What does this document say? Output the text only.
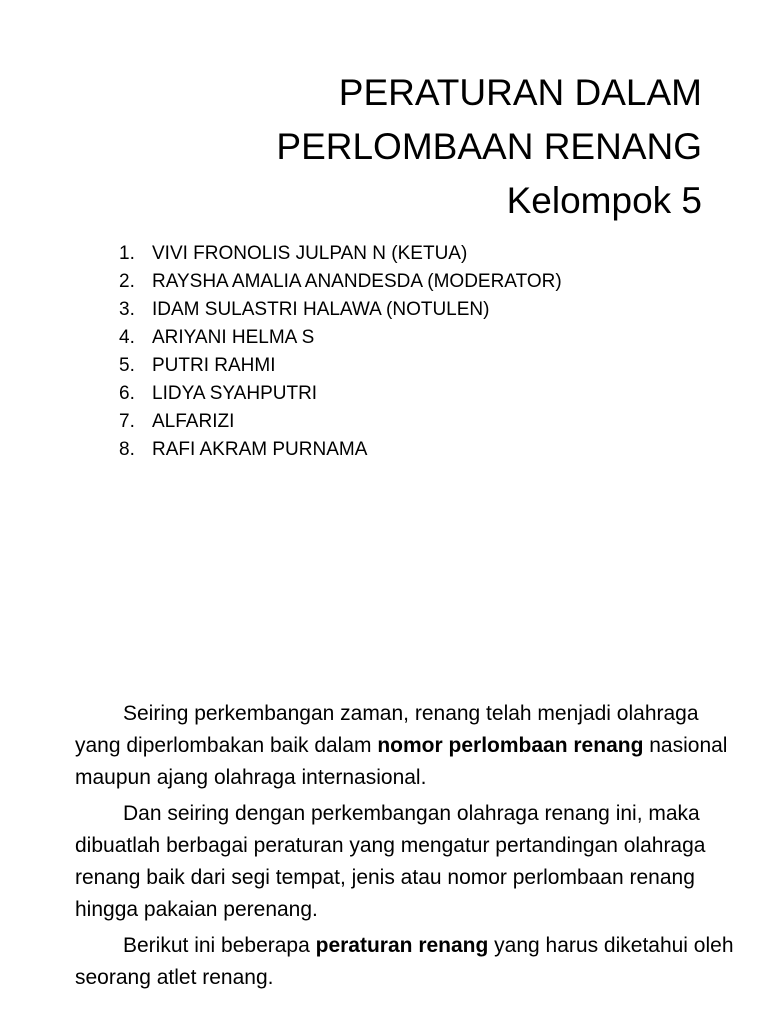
PERATURAN DALAM
PERLOMBAAN RENANG
Kelompok 5
1. VIVI FRONOLIS JULPAN N (KETUA)
2. RAYSHA AMALIA ANANDESDA (MODERATOR)
3. IDAM SULASTRI HALAWA (NOTULEN)
4. ARIYANI HELMA S
5. PUTRI RAHMI
6. LIDYA SYAHPUTRI
7. ALFARIZI
8. RAFI AKRAM PURNAMA

Seiring perkembangan zaman, renang telah menjadi olahraga yang diperlombakan baik dalam nomor perlombaan renang nasional maupun ajang olahraga internasional.

Dan seiring dengan perkembangan olahraga renang ini, maka dibuatlah berbagai peraturan yang mengatur pertandingan olahraga renang baik dari segi tempat, jenis atau nomor perlombaan renang hingga pakaian perenang.

Berikut ini beberapa peraturan renang yang harus diketahui oleh seorang atlet renang.
